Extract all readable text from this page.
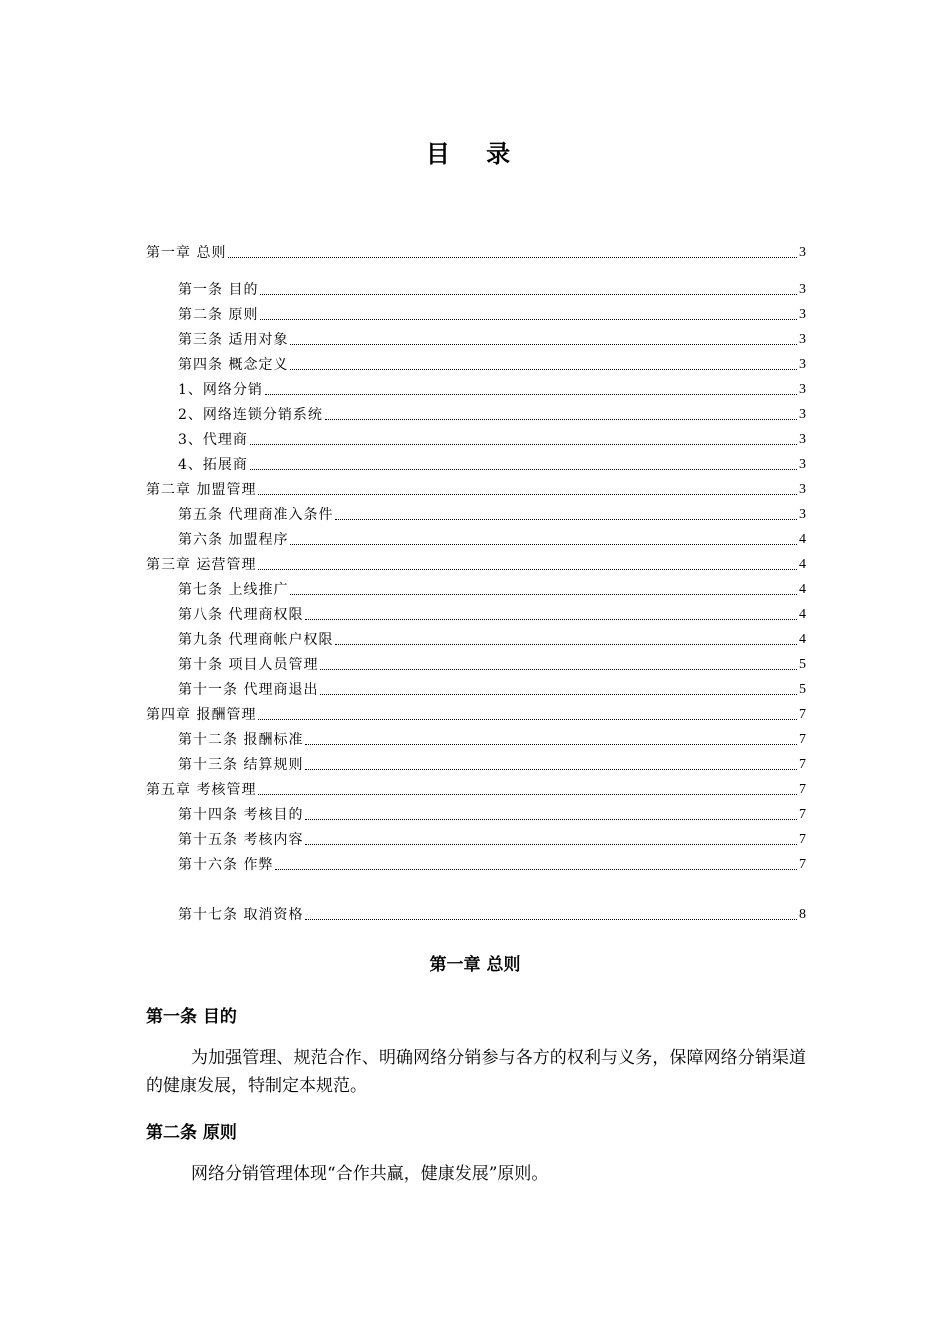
目 录
第一章 总则	3
第一条 目的	3
第二条 原则	3
第三条 适用对象	3
第四条 概念定义	3
1、网络分销	3
2、网络连锁分销系统	3
3、代理商	3
4、拓展商	3
第二章 加盟管理	3
第五条 代理商准入条件	3
第六条 加盟程序	4
第三章 运营管理	4
第七条 上线推广	4
第八条 代理商权限	4
第九条 代理商帐户权限	4
第十条 项目人员管理	5
第十一条 代理商退出	5
第四章 报酬管理	7
第十二条 报酬标准	7
第十三条 结算规则	7
第五章 考核管理	7
第十四条 考核目的	7
第十五条 考核内容	7
第十六条 作弊	7
第十七条 取消资格	8
第一章 总则
第一条 目的
为加强管理、规范合作、明确网络分销参与各方的权利与义务，保障网络分销渠道的健康发展，特制定本规范。
第二条 原则
网络分销管理体现“合作共赢，健康发展”原则。
